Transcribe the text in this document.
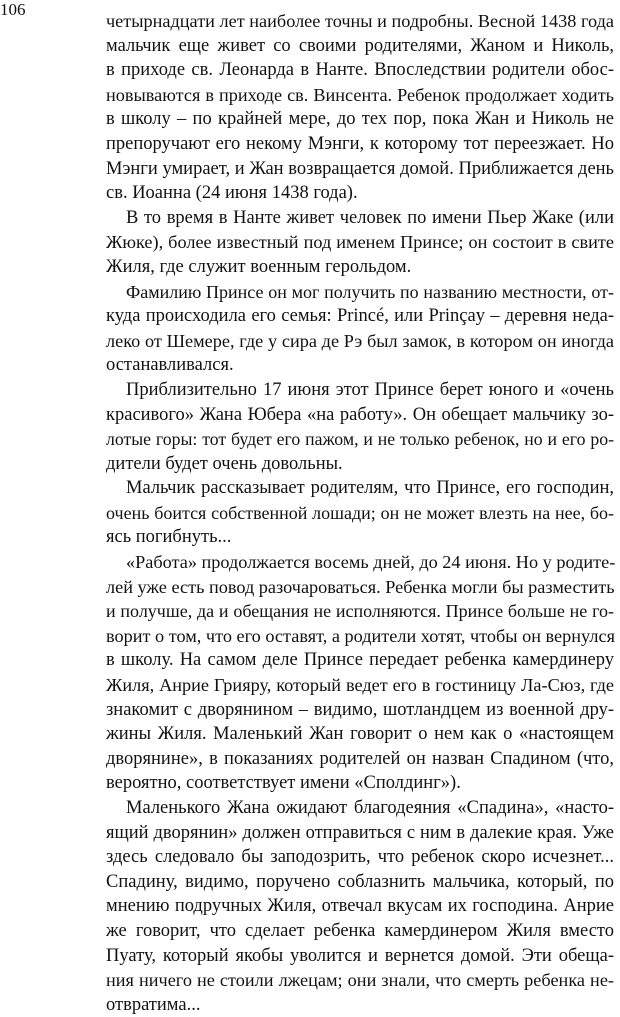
106
четырнадцати лет наиболее точны и подробны. Весной 1438 года
мальчик еще живет со своими родителями, Жаном и Николь,
в приходе св. Леонарда в Нанте. Впоследствии родители обос-
новываются в приходе св. Винсента. Ребенок продолжает ходить
в школу – по крайней мере, до тех пор, пока Жан и Николь не
препоручают его некому Мэнги, к которому тот переезжает. Но
Мэнги умирает, и Жан возвращается домой. Приближается день
св. Иоанна (24 июня 1438 года).
В то время в Нанте живет человек по имени Пьер Жаке (или
Жюке), более известный под именем Принсе; он состоит в свите
Жиля, где служит военным герольдом.
Фамилию Принсе он мог получить по названию местности, от-
куда происходила его семья: Princé, или Prinçay – деревня неда-
леко от Шемере, где у сира де Рэ был замок, в котором он иногда
останавливался.
Приблизительно 17 июня этот Принсе берет юного и «очень
красивого» Жана Юбера «на работу». Он обещает мальчику зо-
лотые горы: тот будет его пажом, и не только ребенок, но и его ро-
дители будет очень довольны.
Мальчик рассказывает родителям, что Принсе, его господин,
очень боится собственной лошади; он не может влезть на нее, бо-
ясь погибнуть...
«Работа» продолжается восемь дней, до 24 июня. Но у родите-
лей уже есть повод разочароваться. Ребенка могли бы разместить
и получше, да и обещания не исполняются. Принсе больше не го-
ворит о том, что его оставят, а родители хотят, чтобы он вернулся
в школу. На самом деле Принсе передает ребенка камердинеру
Жиля, Анрие Грияру, который ведет его в гостиницу Ла-Сюз, где
знакомит с дворянином – видимо, шотландцем из военной дру-
жины Жиля. Маленький Жан говорит о нем как о «настоящем
дворянине», в показаниях родителей он назван Спадином (что,
вероятно, соответствует имени «Сполдинг»).
Маленького Жана ожидают благодеяния «Спадина», «насто-
ящий дворянин» должен отправиться с ним в далекие края. Уже
здесь следовало бы заподозрить, что ребенок скоро исчезнет...
Спадину, видимо, поручено соблазнить мальчика, который, по
мнению подручных Жиля, отвечал вкусам их господина. Анрие
же говорит, что сделает ребенка камердинером Жиля вместо
Пуату, который якобы уволится и вернется домой. Эти обеща-
ния ничего не стоили лжецам; они знали, что смерть ребенка не-
отвратима...
